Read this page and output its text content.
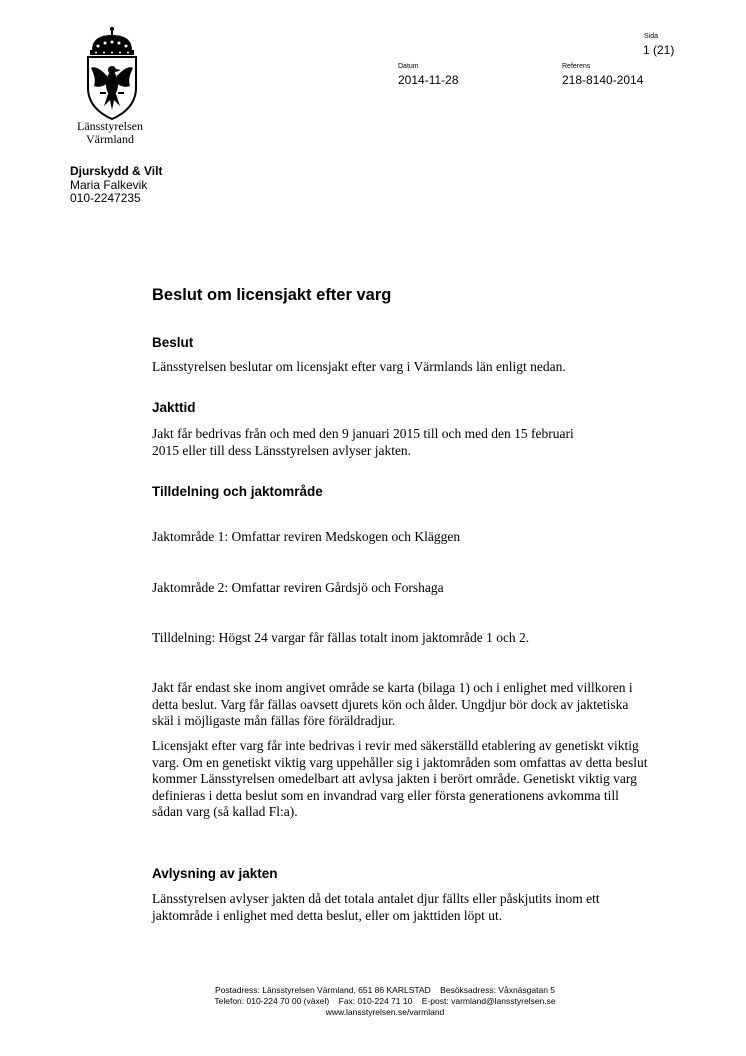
Länsstyrelsen
Värmland
Sida
1 (21)
Datum
2014-11-28
Referens
218-8140-2014
Djurskydd & Vilt
Maria Falkevik
010-2247235
Beslut om licensjakt efter varg
Beslut

Länsstyrelsen beslutar om licensjakt efter varg i Värmlands län enligt nedan.

Jakttid

Jakt får bedrivas från och med den 9 januari 2015 till och med den 15 februari 2015 eller till dess Länsstyrelsen avlyser jakten.

Tilldelning och jaktområde

Jaktområde 1: Omfattar reviren Medskogen och Kläggen

Jaktområde 2: Omfattar reviren Gårdsjö och Forshaga

Tilldelning: Högst 24 vargar får fällas totalt inom jaktområde 1 och 2.

Jakt får endast ske inom angivet område se karta (bilaga 1) och i enlighet med villkoren i detta beslut. Varg får fällas oavsett djurets kön och ålder. Ungdjur bör dock av jaktetiska skäl i möjligaste mån fällas före föräldradjur.

Licensjakt efter varg får inte bedrivas i revir med säkerställd etablering av genetiskt viktig varg. Om en genetiskt viktig varg uppehåller sig i jaktområden som omfattas av detta beslut kommer Länsstyrelsen omedelbart att avlysa jakten i berört område. Genetiskt viktig varg definieras i detta beslut som en invandrad varg eller första generationens avkomma till sådan varg (så kallad Fl:a).

Avlysning av jakten

Länsstyrelsen avlyser jakten då det totala antalet djur fällts eller påskjutits inom ett jaktområde i enlighet med detta beslut, eller om jakttiden löpt ut.

Postadress: Länsstyrelsen Värmland, 651 86 KARLSTAD    Besöksadress: Våxnäsgatan 5
Telefon: 010-224 70 00 (växel)    Fax: 010-224 71 10    E-post: varmland@lansstyrelsen.se
www.lansstyrelsen.se/varmland
